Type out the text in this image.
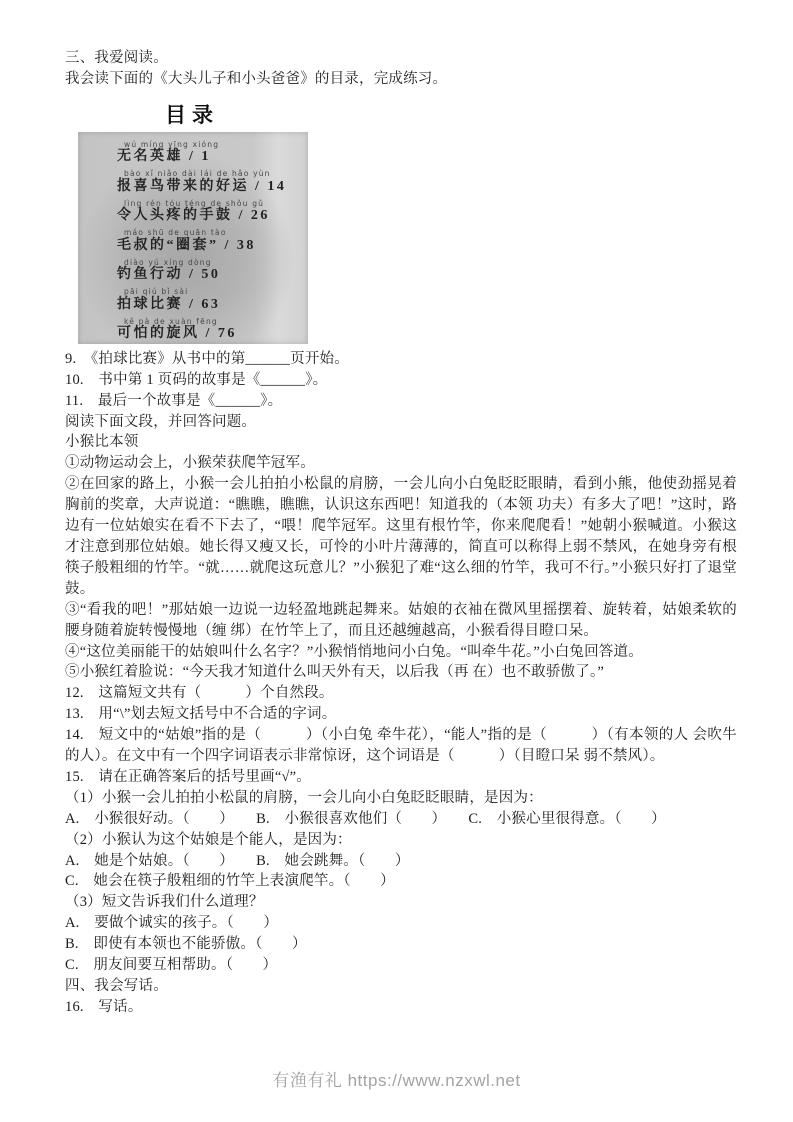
三、我爱阅读。
我会读下面的《大头儿子和小头爸爸》的目录，完成练习。
目录
wú míng yīng xióng
无名英雄 / 1
bào xǐ niǎo dài lái de hǎo yùn
报喜鸟带来的好运 / 14
lìng rén tóu téng de shǒu gǔ
令人头疼的手鼓 / 26
máo shū de quān tào
毛叔的“圈套” / 38
diào yú xíng dòng
钓鱼行动 / 50
pāi qiú bǐ sài
拍球比赛 / 63
kě pà de xuàn fēng
可怕的旋风 / 76
9.　《拍球比赛》从书中的第______页开始。
10.　书中第 1 页码的故事是《______》。
11.　最后一个故事是《______》。
阅读下面文段，并回答问题。
小猴比本领
①动物运动会上，小猴荣获爬竿冠军。
②在回家的路上，小猴一会儿拍拍小松鼠的肩膀，一会儿向小白兔眨眨眼睛，看到小熊，他使劲摇晃着胸前的奖章，大声说道：“瞧瞧，瞧瞧，认识这东西吧！知道我的（本领 功夫）有多大了吧！”这时，路边有一位姑娘实在看不下去了，“喂！爬竿冠军。这里有根竹竿，你来爬爬看！”她朝小猴喊道。小猴这才注意到那位姑娘。她长得又瘦又长，可怜的小叶片薄薄的，简直可以称得上弱不禁风，在她身旁有根筷子般粗细的竹竿。“就……就爬这玩意儿？”小猴犯了难“这么细的竹竿，我可不行。”小猴只好打了退堂鼓。
③“看我的吧！”那姑娘一边说一边轻盈地跳起舞来。姑娘的衣袖在微风里摇摆着、旋转着，姑娘柔软的腰身随着旋转慢慢地（缠 绑）在竹竿上了，而且还越缠越高，小猴看得目瞪口呆。
④“这位美丽能干的姑娘叫什么名字？”小猴悄悄地问小白兔。“叫牵牛花。”小白兔回答道。
⑤小猴红着脸说：“今天我才知道什么叫天外有天，以后我（再 在）也不敢骄傲了。”
12.　这篇短文共有（　　　）个自然段。
13.　用“\”划去短文括号中不合适的字词。
14.　短文中的“姑娘”指的是（　　　）（小白兔 牵牛花），“能人”指的是（　　　）（有本领的人 会吹牛的人）。在文中有一个四字词语表示非常惊讶，这个词语是（　　　）（目瞪口呆 弱不禁风）。
15.　请在正确答案后的括号里画“√”。
（1）小猴一会儿拍拍小松鼠的肩膀，一会儿向小白兔眨眨眼睛，是因为：
A.　小猴很好动。（　　）　　B.　小猴很喜欢他们（　　）　　C.　小猴心里很得意。（　　）
（2）小猴认为这个姑娘是个能人，是因为：
A.　她是个姑娘。（　　）　　B.　她会跳舞。（　　）
C.　她会在筷子般粗细的竹竿上表演爬竿。（　　）
（3）短文告诉我们什么道理？
A.　要做个诚实的孩子。（　　）
B.　即使有本领也不能骄傲。（　　）
C.　朋友间要互相帮助。（　　）
四、我会写话。
16.　写话。
有渔有礼 https://www.nzxwl.net
